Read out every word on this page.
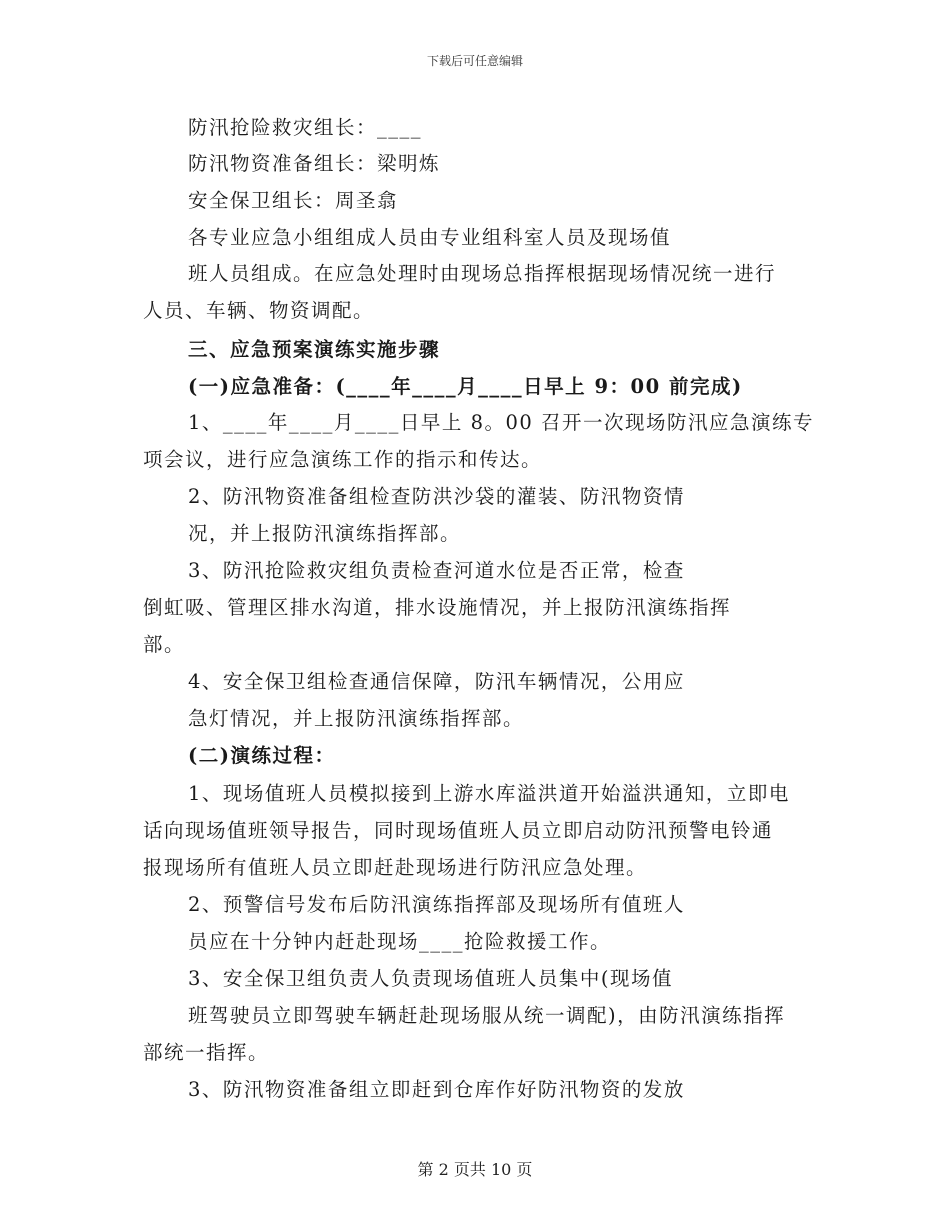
下载后可任意编辑
防汛抢险救灾组长：____
防汛物资准备组长：梁明炼
安全保卫组长：周圣翕
各专业应急小组组成人员由专业组科室人员及现场值
班人员组成。在应急处理时由现场总指挥根据现场情况统一进行
人员、车辆、物资调配。
三、应急预案演练实施步骤
(一)应急准备：(____年____月____日早上 9：00 前完成)
1、____年____月____日早上 8。00 召开一次现场防汛应急演练专
项会议，进行应急演练工作的指示和传达。
2、防汛物资准备组检查防洪沙袋的灌装、防汛物资情
况，并上报防汛演练指挥部。
3、防汛抢险救灾组负责检查河道水位是否正常，检查
倒虹吸、管理区排水沟道，排水设施情况，并上报防汛演练指挥
部。
4、安全保卫组检查通信保障，防汛车辆情况，公用应
急灯情况，并上报防汛演练指挥部。
(二)演练过程：
1、现场值班人员模拟接到上游水库溢洪道开始溢洪通知，立即电
话向现场值班领导报告，同时现场值班人员立即启动防汛预警电铃通
报现场所有值班人员立即赶赴现场进行防汛应急处理。
2、预警信号发布后防汛演练指挥部及现场所有值班人
员应在十分钟内赶赴现场____抢险救援工作。
3、安全保卫组负责人负责现场值班人员集中(现场值
班驾驶员立即驾驶车辆赶赴现场服从统一调配)，由防汛演练指挥
部统一指挥。
3、防汛物资准备组立即赶到仓库作好防汛物资的发放
第 2 页共 10 页
